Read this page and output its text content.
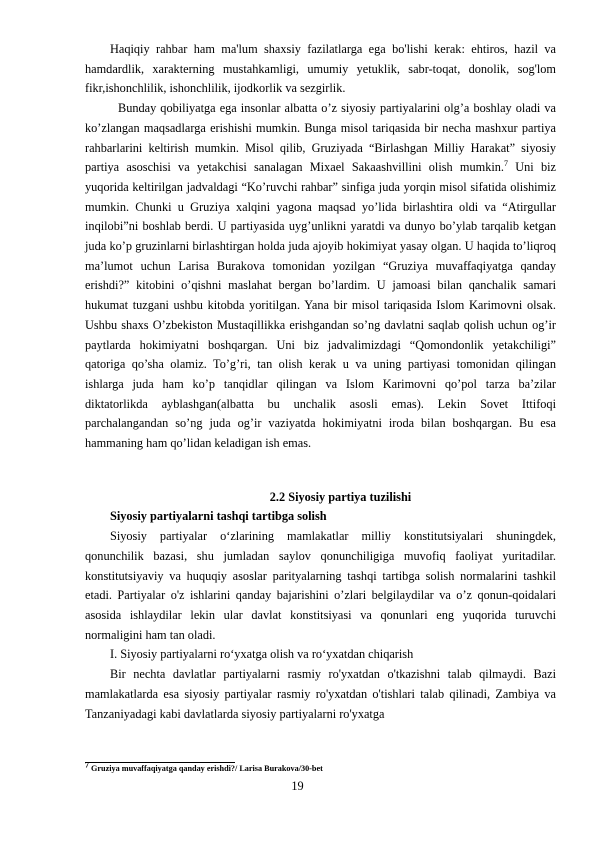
Haqiqiy rahbar ham ma'lum shaxsiy fazilatlarga ega bo'lishi kerak: ehtiros, hazil va hamdardlik, xarakterning mustahkamligi, umumiy yetuklik, sabr-toqat, donolik, sog'lom fikr,ishonchlilik, ishonchlilik, ijodkorlik va sezgirlik.

Bunday qobiliyatga ega insonlar albatta o’z siyosiy partiyalarini olg’a boshlay oladi va ko’zlangan maqsadlarga erishishi mumkin. Bunga misol tariqasida bir necha mashxur partiya rahbarlarini keltirish mumkin. Misol qilib, Gruziyada “Birlashgan Milliy Harakat” siyosiy partiya asoschisi va yetakchisi sanalagan Mixael Sakaashvillini olish mumkin.$^7$ Uni biz yuqorida keltirilgan jadvaldagi “Ko’ruvchi rahbar” sinfiga juda yorqin misol sifatida olishimiz mumkin. Chunki u Gruziya xalqini yagona maqsad yo’lida birlashtira oldi va “Atirgullar inqilobi”ni boshlab berdi. U partiyasida uyg’unlikni yaratdi va dunyo bo’ylab tarqalib ketgan juda ko’p gruzinlarni birlashtirgan holda juda ajoyib hokimiyat yasay olgan. U haqida to’liqroq ma’lumot uchun Larisa Burakova tomonidan yozilgan “Gruziya muvaffaqiyatga qanday erishdi?” kitobini o’qishni maslahat bergan bo’lardim. U jamoasi bilan qanchalik samari hukumat tuzgani ushbu kitobda yoritilgan. Yana bir misol tariqasida Islom Karimovni olsak. Ushbu shaxs O’zbekiston Mustaqillikka erishgandan so’ng davlatni saqlab qolish uchun og’ir paytlarda hokimiyatni boshqargan. Uni biz jadvalimizdagi “Qomondonlik yetakchiligi” qatoriga qo’sha olamiz. To’g’ri, tan olish kerak u va uning partiyasi tomonidan qilingan ishlarga juda ham ko’p tanqidlar qilingan va Islom Karimovni qo’pol tarza ba’zilar diktatorlikda ayblashgan(albatta bu unchalik asosli emas). Lekin Sovet Ittifoqi parchalangandan so’ng juda og’ir vaziyatda hokimiyatni iroda bilan boshqargan. Bu esa hammaning ham qo’lidan keladigan ish emas.

2.2 Siyosiy partiya tuzilishi

Siyosiy partiyalarni tashqi tartibga solish

Siyosiy partiyalar o‘zlarining mamlakatlar milliy konstitutsiyalari shuningdek, qonunchilik bazasi, shu jumladan saylov qonunchiligiga muvofiq faoliyat yuritadilar. konstitutsiyaviy va huquqiy asoslar parityalarning tashqi tartibga solish normalarini tashkil etadi. Partiyalar o'z ishlarini qanday bajarishini o’zlari belgilaydilar va o’z qonun-qoidalari asosida ishlaydilar lekin ular davlat konstitsiyasi va qonunlari eng yuqorida turuvchi normaligini ham tan oladi.

I. Siyosiy partiyalarni ro‘yxatga olish va ro‘yxatdan chiqarish

Bir nechta davlatlar partiyalarni rasmiy ro'yxatdan o'tkazishni talab qilmaydi. Bazi mamlakatlarda esa siyosiy partiyalar rasmiy ro'yxatdan o'tishlari talab qilinadi, Zambiya va Tanzaniyadagi kabi davlatlarda siyosiy partiyalarni ro'yxatga

$^7$ Gruziya muvaffaqiyatga qanday erishdi?/ Larisa Burakova/30-bet
19
